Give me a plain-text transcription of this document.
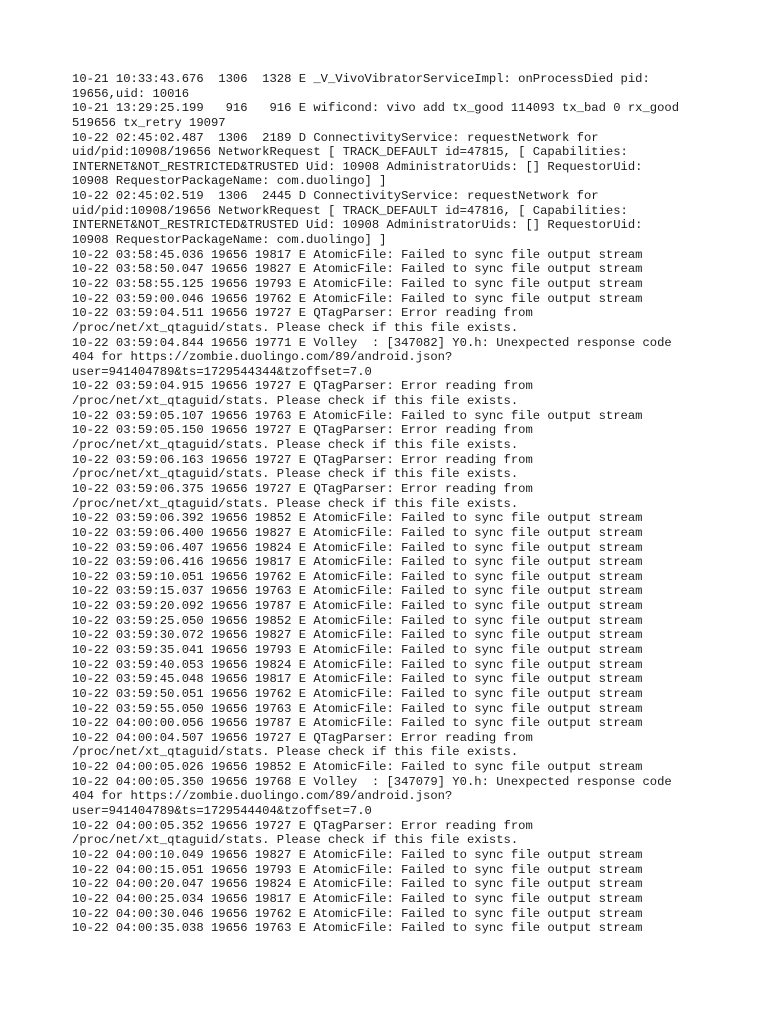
10-21 10:33:43.676  1306  1328 E _V_VivoVibratorServiceImpl: onProcessDied pid:
19656,uid: 10016
10-21 13:29:25.199   916   916 E wificond: vivo add tx_good 114093 tx_bad 0 rx_good
519656 tx_retry 19097
10-22 02:45:02.487  1306  2189 D ConnectivityService: requestNetwork for
uid/pid:10908/19656 NetworkRequest [ TRACK_DEFAULT id=47815, [ Capabilities:
INTERNET&NOT_RESTRICTED&TRUSTED Uid: 10908 AdministratorUids: [] RequestorUid:
10908 RequestorPackageName: com.duolingo] ]
10-22 02:45:02.519  1306  2445 D ConnectivityService: requestNetwork for
uid/pid:10908/19656 NetworkRequest [ TRACK_DEFAULT id=47816, [ Capabilities:
INTERNET&NOT_RESTRICTED&TRUSTED Uid: 10908 AdministratorUids: [] RequestorUid:
10908 RequestorPackageName: com.duolingo] ]
10-22 03:58:45.036 19656 19817 E AtomicFile: Failed to sync file output stream
10-22 03:58:50.047 19656 19827 E AtomicFile: Failed to sync file output stream
10-22 03:58:55.125 19656 19793 E AtomicFile: Failed to sync file output stream
10-22 03:59:00.046 19656 19762 E AtomicFile: Failed to sync file output stream
10-22 03:59:04.511 19656 19727 E QTagParser: Error reading from
/proc/net/xt_qtaguid/stats. Please check if this file exists.
10-22 03:59:04.844 19656 19771 E Volley  : [347082] Y0.h: Unexpected response code
404 for https://zombie.duolingo.com/89/android.json?
user=941404789&ts=1729544344&tzoffset=7.0
10-22 03:59:04.915 19656 19727 E QTagParser: Error reading from
/proc/net/xt_qtaguid/stats. Please check if this file exists.
10-22 03:59:05.107 19656 19763 E AtomicFile: Failed to sync file output stream
10-22 03:59:05.150 19656 19727 E QTagParser: Error reading from
/proc/net/xt_qtaguid/stats. Please check if this file exists.
10-22 03:59:06.163 19656 19727 E QTagParser: Error reading from
/proc/net/xt_qtaguid/stats. Please check if this file exists.
10-22 03:59:06.375 19656 19727 E QTagParser: Error reading from
/proc/net/xt_qtaguid/stats. Please check if this file exists.
10-22 03:59:06.392 19656 19852 E AtomicFile: Failed to sync file output stream
10-22 03:59:06.400 19656 19827 E AtomicFile: Failed to sync file output stream
10-22 03:59:06.407 19656 19824 E AtomicFile: Failed to sync file output stream
10-22 03:59:06.416 19656 19817 E AtomicFile: Failed to sync file output stream
10-22 03:59:10.051 19656 19762 E AtomicFile: Failed to sync file output stream
10-22 03:59:15.037 19656 19763 E AtomicFile: Failed to sync file output stream
10-22 03:59:20.092 19656 19787 E AtomicFile: Failed to sync file output stream
10-22 03:59:25.050 19656 19852 E AtomicFile: Failed to sync file output stream
10-22 03:59:30.072 19656 19827 E AtomicFile: Failed to sync file output stream
10-22 03:59:35.041 19656 19793 E AtomicFile: Failed to sync file output stream
10-22 03:59:40.053 19656 19824 E AtomicFile: Failed to sync file output stream
10-22 03:59:45.048 19656 19817 E AtomicFile: Failed to sync file output stream
10-22 03:59:50.051 19656 19762 E AtomicFile: Failed to sync file output stream
10-22 03:59:55.050 19656 19763 E AtomicFile: Failed to sync file output stream
10-22 04:00:00.056 19656 19787 E AtomicFile: Failed to sync file output stream
10-22 04:00:04.507 19656 19727 E QTagParser: Error reading from
/proc/net/xt_qtaguid/stats. Please check if this file exists.
10-22 04:00:05.026 19656 19852 E AtomicFile: Failed to sync file output stream
10-22 04:00:05.350 19656 19768 E Volley  : [347079] Y0.h: Unexpected response code
404 for https://zombie.duolingo.com/89/android.json?
user=941404789&ts=1729544404&tzoffset=7.0
10-22 04:00:05.352 19656 19727 E QTagParser: Error reading from
/proc/net/xt_qtaguid/stats. Please check if this file exists.
10-22 04:00:10.049 19656 19827 E AtomicFile: Failed to sync file output stream
10-22 04:00:15.051 19656 19793 E AtomicFile: Failed to sync file output stream
10-22 04:00:20.047 19656 19824 E AtomicFile: Failed to sync file output stream
10-22 04:00:25.034 19656 19817 E AtomicFile: Failed to sync file output stream
10-22 04:00:30.046 19656 19762 E AtomicFile: Failed to sync file output stream
10-22 04:00:35.038 19656 19763 E AtomicFile: Failed to sync file output stream
